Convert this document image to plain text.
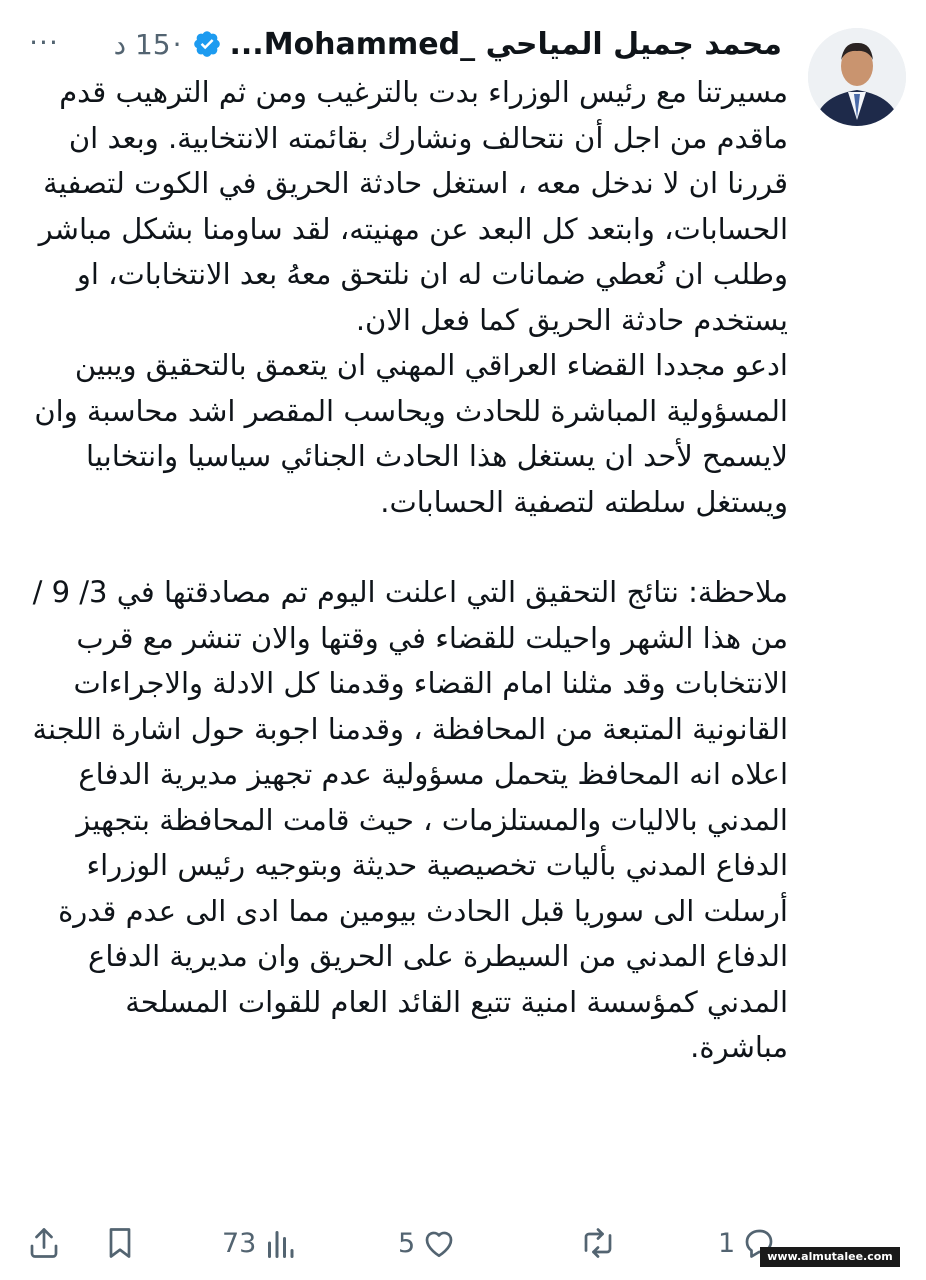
محمد جميل المياحي _Mohammed...
·
15 د
···

مسيرتنا مع رئيس الوزراء بدت بالترغيب ومن ثم الترهيب قدم ماقدم من اجل أن نتحالف ونشارك بقائمته الانتخابية. وبعد ان قررنا ان لا ندخل معه ، استغل حادثة الحريق في الكوت لتصفية الحسابات، وابتعد كل البعد عن مهنيته، لقد ساومنا بشكل مباشر وطلب ان نُعطي ضمانات له ان نلتحق معهُ بعد الانتخابات، او يستخدم حادثة الحريق كما فعل الان.

ادعو مجددا القضاء العراقي المهني ان يتعمق بالتحقيق ويبين المسؤولية المباشرة للحادث ويحاسب المقصر اشد محاسبة وان لايسمح لأحد ان يستغل هذا الحادث الجنائي سياسيا وانتخابيا ويستغل سلطته لتصفية الحسابات.

ملاحظة: نتائج التحقيق التي اعلنت اليوم تم مصادقتها في 3/ 9 / من هذا الشهر واحيلت للقضاء في وقتها والان تنشر مع قرب الانتخابات وقد مثلنا امام القضاء وقدمنا كل الادلة والاجراءات القانونية المتبعة من المحافظة ، وقدمنا اجوبة حول اشارة اللجنة اعلاه انه المحافظ يتحمل مسؤولية عدم تجهيز مديرية الدفاع المدني بالاليات والمستلزمات ، حيث قامت المحافظة بتجهيز الدفاع المدني بأليات تخصيصية حديثة وبتوجيه رئيس الوزراء أرسلت الى سوريا قبل الحادث بيومين مما ادى الى عدم قدرة الدفاع المدني من السيطرة على الحريق وان مديرية الدفاع المدني كمؤسسة امنية تتبع القائد العام للقوات المسلحة مباشرة.

73	5	1	www.almutalee.com
